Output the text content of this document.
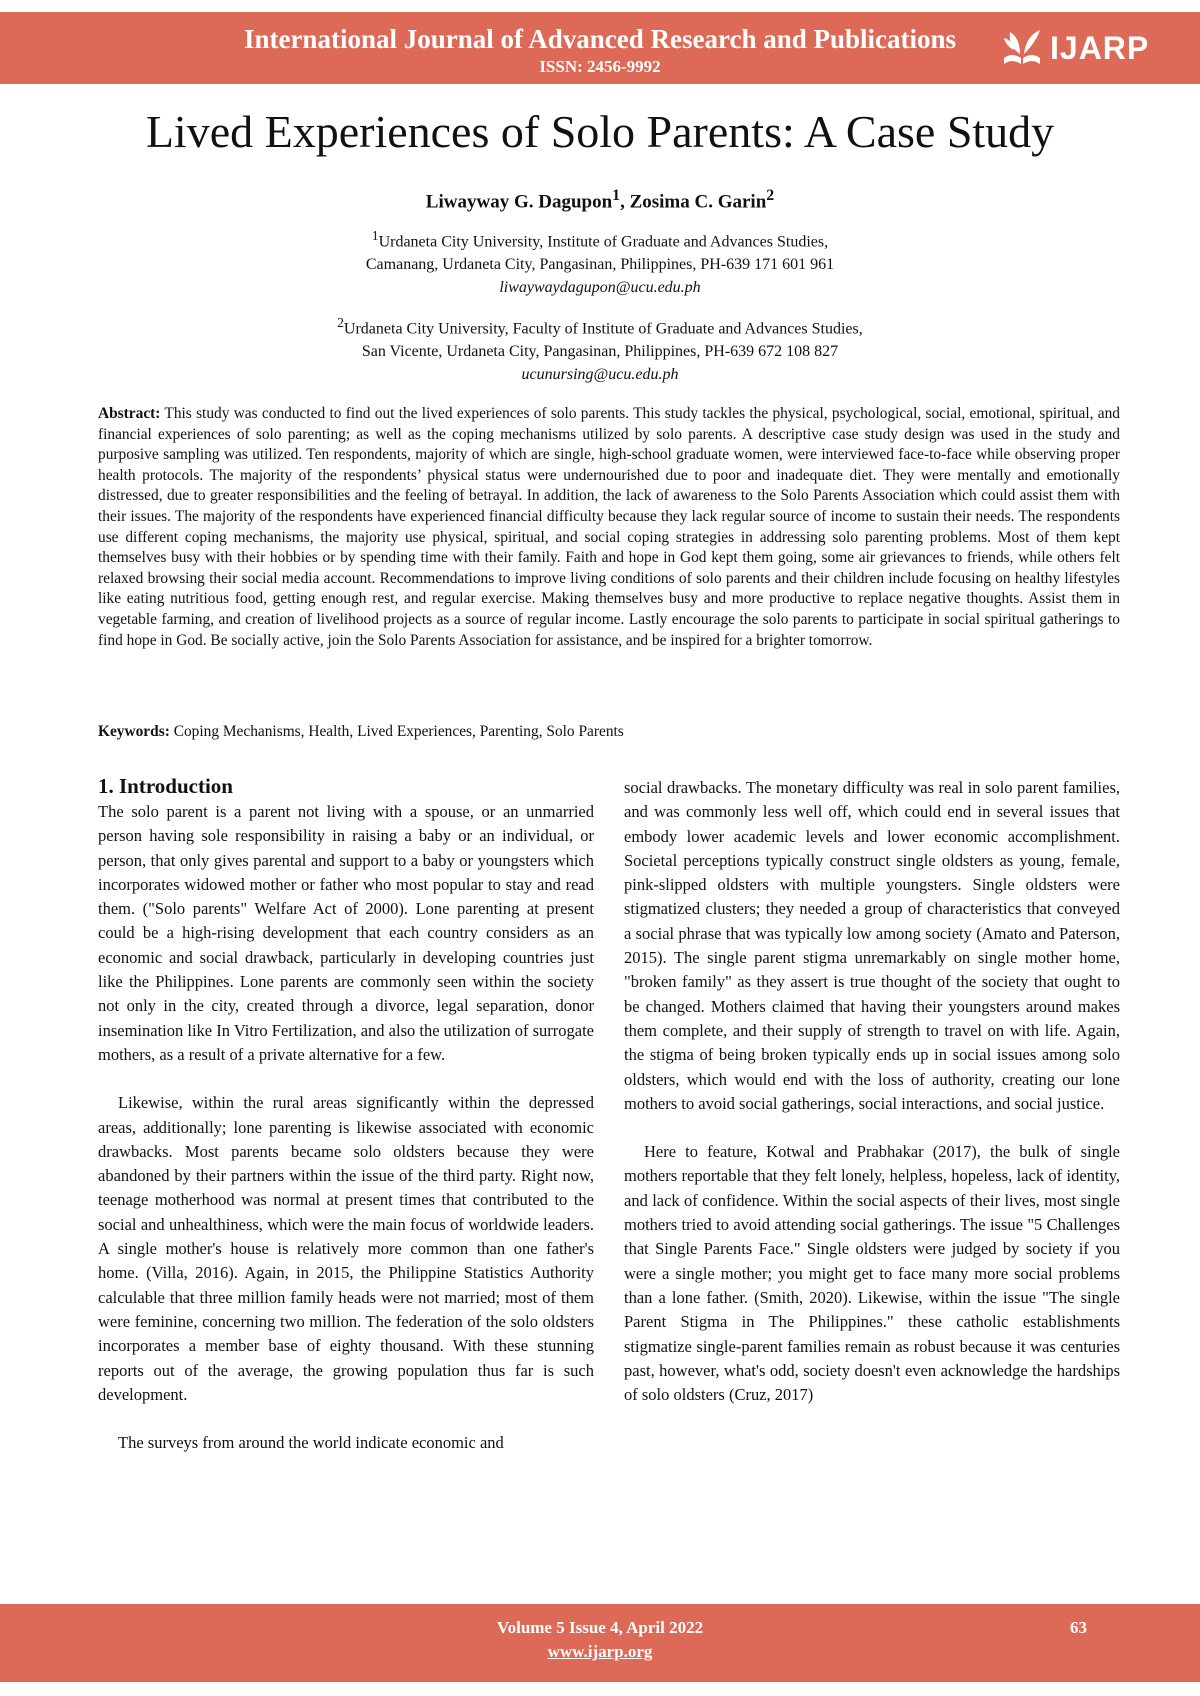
International Journal of Advanced Research and Publications
ISSN: 2456-9992
IJARP
Lived Experiences of Solo Parents: A Case Study
Liwayway G. Dagupon$^1$, Zosima C. Garin$^2$
$^1$Urdaneta City University, Institute of Graduate and Advances Studies,
Camanang, Urdaneta City, Pangasinan, Philippines, PH-639 171 601 961
liwaywaydagupon@ucu.edu.ph
$^2$Urdaneta City University, Faculty of Institute of Graduate and Advances Studies,
San Vicente, Urdaneta City, Pangasinan, Philippines, PH-639 672 108 827
ucunursing@ucu.edu.ph
Abstract: This study was conducted to find out the lived experiences of solo parents. This study tackles the physical, psychological, social, emotional, spiritual, and financial experiences of solo parenting; as well as the coping mechanisms utilized by solo parents. A descriptive case study design was used in the study and purposive sampling was utilized. Ten respondents, majority of which are single, high-school graduate women, were interviewed face-to-face while observing proper health protocols. The majority of the respondents’ physical status were undernourished due to poor and inadequate diet. They were mentally and emotionally distressed, due to greater responsibilities and the feeling of betrayal. In addition, the lack of awareness to the Solo Parents Association which could assist them with their issues. The majority of the respondents have experienced financial difficulty because they lack regular source of income to sustain their needs. The respondents use different coping mechanisms, the majority use physical, spiritual, and social coping strategies in addressing solo parenting problems. Most of them kept themselves busy with their hobbies or by spending time with their family. Faith and hope in God kept them going, some air grievances to friends, while others felt relaxed browsing their social media account. Recommendations to improve living conditions of solo parents and their children include focusing on healthy lifestyles like eating nutritious food, getting enough rest, and regular exercise. Making themselves busy and more productive to replace negative thoughts. Assist them in vegetable farming, and creation of livelihood projects as a source of regular income. Lastly encourage the solo parents to participate in social spiritual gatherings to find hope in God. Be socially active, join the Solo Parents Association for assistance, and be inspired for a brighter tomorrow.
Keywords: Coping Mechanisms, Health, Lived Experiences, Parenting, Solo Parents
1. Introduction

The solo parent is a parent not living with a spouse, or an unmarried person having sole responsibility in raising a baby or an individual, or person, that only gives parental and support to a baby or youngsters which incorporates widowed mother or father who most popular to stay and read them. ("Solo parents" Welfare Act of 2000). Lone parenting at present could be a high-rising development that each country considers as an economic and social drawback, particularly in developing countries just like the Philippines. Lone parents are commonly seen within the society not only in the city, created through a divorce, legal separation, donor insemination like In Vitro Fertilization, and also the utilization of surrogate mothers, as a result of a private alternative for a few.

Likewise, within the rural areas significantly within the depressed areas, additionally; lone parenting is likewise associated with economic drawbacks. Most parents became solo oldsters because they were abandoned by their partners within the issue of the third party. Right now, teenage motherhood was normal at present times that contributed to the social and unhealthiness, which were the main focus of worldwide leaders. A single mother's house is relatively more common than one father's home. (Villa, 2016). Again, in 2015, the Philippine Statistics Authority calculable that three million family heads were not married; most of them were feminine, concerning two million. The federation of the solo oldsters incorporates a member base of eighty thousand. With these stunning reports out of the average, the growing population thus far is such development.

The surveys from around the world indicate economic and

social drawbacks. The monetary difficulty was real in solo parent families, and was commonly less well off, which could end in several issues that embody lower academic levels and lower economic accomplishment. Societal perceptions typically construct single oldsters as young, female, pink-slipped oldsters with multiple youngsters. Single oldsters were stigmatized clusters; they needed a group of characteristics that conveyed a social phrase that was typically low among society (Amato and Paterson, 2015). The single parent stigma unremarkably on single mother home, "broken family" as they assert is true thought of the society that ought to be changed. Mothers claimed that having their youngsters around makes them complete, and their supply of strength to travel on with life. Again, the stigma of being broken typically ends up in social issues among solo oldsters, which would end with the loss of authority, creating our lone mothers to avoid social gatherings, social interactions, and social justice.

Here to feature, Kotwal and Prabhakar (2017), the bulk of single mothers reportable that they felt lonely, helpless, hopeless, lack of identity, and lack of confidence. Within the social aspects of their lives, most single mothers tried to avoid attending social gatherings. The issue "5 Challenges that Single Parents Face." Single oldsters were judged by society if you were a single mother; you might get to face many more social problems than a lone father. (Smith, 2020). Likewise, within the issue "The single Parent Stigma in The Philippines." these catholic establishments stigmatize single-parent families remain as robust because it was centuries past, however, what's odd, society doesn't even acknowledge the hardships of solo oldsters (Cruz, 2017)

Volume 5 Issue 4, April 2022
www.ijarp.org
63
